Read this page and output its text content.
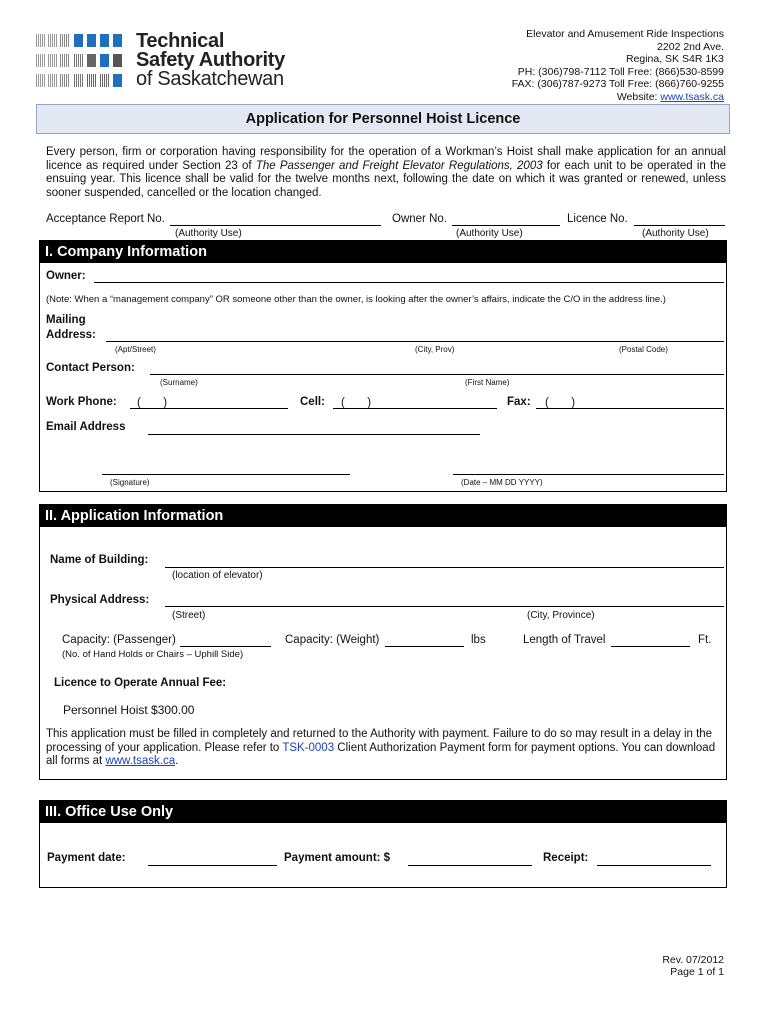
Technical
Safety Authority
of Saskatchewan
Elevator and Amusement Ride Inspections
2202 2nd Ave.
Regina, SK S4R 1K3
PH: (306)798-7112 Toll Free: (866)530-8599
FAX: (306)787-9273 Toll Free: (866)760-9255
Website: www.tsask.ca
Application for Personnel Hoist Licence
Every person, firm or corporation having responsibility for the operation of a Workman’s Hoist shall make application for an annual licence as required under Section 23 of The Passenger and Freight Elevator Regulations, 2003 for each unit to be operated in the ensuing year. This licence shall be valid for the twelve months next, following the date on which it was granted or renewed, unless sooner suspended, cancelled or the location changed.
Acceptance Report No.
(Authority Use)
Owner No.
(Authority Use)
Licence No.
(Authority Use)
I. Company Information
Owner:
(Note: When a “management company” OR someone other than the owner, is looking after the owner’s affairs, indicate the C/O in the address line.)
Mailing
Address:
(Apt/Street)	(City, Prov)	(Postal Code)
Contact Person:
(Surname)	(First Name)
Work Phone: (       )	Cell: (       )	Fax: (       )
Email Address
(Signature)	(Date – MM DD YYYY)
II. Application Information
Name of Building:
(location of elevator)
Physical Address:
(Street)	(City, Province)
Capacity: (Passenger)
(No. of Hand Holds or Chairs – Uphill Side)
Capacity: (Weight)	lbs	Length of Travel	Ft.
Licence to Operate Annual Fee:
Personnel Hoist $300.00
This application must be filled in completely and returned to the Authority with payment. Failure to do so may result in a delay in the processing of your application. Please refer to TSK-0003 Client Authorization Payment form for payment options. You can download all forms at www.tsask.ca.
III. Office Use Only
Payment date:	Payment amount: $	Receipt:
Rev. 07/2012
Page 1 of 1
